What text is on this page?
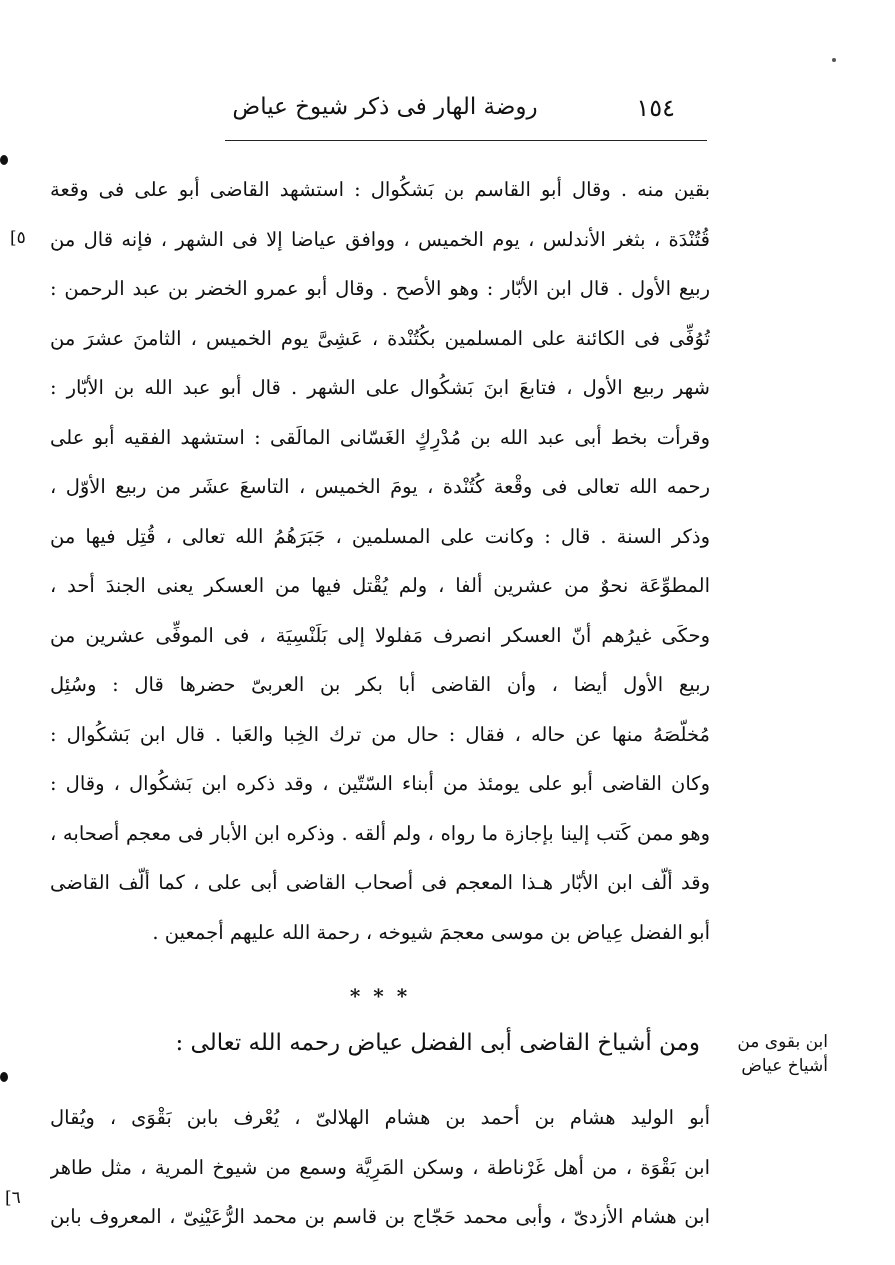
١٥٤
روضة الهار فى ذكر شيوخ عياض
[٥
بقين منه . وقال أبو القاسم بن بَشكُوال : استشهد القاضى أبو على فى وقعة
قُتُنْدَة ، بثغر الأندلس ، يوم الخميس ، ووافق عياضا إلا فى الشهر ، فإنه قال من
ربيع الأول . قال ابن الأبّار : وهو الأصح . وقال أبو عمرو الخضر بن عبد الرحمن :
تُوُفِّى فى الكائنة على المسلمين بكُتُنْدة ، عَشِىَّ يوم الخميس ، الثامنَ عشرَ من
شهر ربيع الأول ، فتابعَ ابنَ بَشكُوال على الشهر . قال أبو عبد الله بن الأبّار :
وقرأت بخط أبى عبد الله بن مُدْرِكٍ الغَسّانى المالَقى : استشهد الفقيه أبو على
رحمه الله تعالى فى وقْعة كُتُنْدة ، يومَ الخميس ، التاسعَ عشَر من ربيع الأوّل ،
وذكر السنة . قال : وكانت على المسلمين ، جَبَرَهُمُ الله تعالى ، قُتِل فيها من
المطوِّعَة نحوٌ من عشرين ألفا ، ولم يُقْتل فيها من العسكر يعنى الجندَ أحد ،
وحكَى غيرُهم أنّ العسكر انصرف مَفلولا إلى بَلَنْسِيَة ، فى الموفِّى عشرين من
ربيع الأول أيضا ، وأن القاضى أبا بكر بن العربىّ حضرها قال : وسُئِل
مُخلّصَهُ منها عن حاله ، فقال : حال من ترك الخِبا والعَبا . قال ابن بَشكُوال :
وكان القاضى أبو على يومئذ من أبناء السّتّين ، وقد ذكره ابن بَشكُوال ، وقال :
وهو ممن كَتب إلينا بإجازة ما رواه ، ولم ألقه . وذكره ابن الأبار فى معجم أصحابه ،
وقد ألّف ابن الأبّار هـذا المعجم فى أصحاب القاضى أبى على ، كما ألّف القاضى
أبو الفضل عِياض بن موسى معجمَ شيوخه ، رحمة الله عليهم أجمعين .
* * *
ومن أشياخ القاضى أبى الفضل عياض رحمه الله تعالى :	ابن بقوى من
أشياخ عياض
أبو الوليد هشام بن أحمد بن هشام الهلالىّ ، يُعْرف بابن بَقْوَى ، ويُقال
ابن بَقْوَة ، من أهل غَرْناطة ، وسكن المَرِيَّة وسمع من شيوخ المرية ، مثل طاهر
ابن هشام الأزدىّ ، وأبى محمد حَجّاج بن قاسم بن محمد الرُّعَيْنِىّ ، المعروف بابن
[٦
